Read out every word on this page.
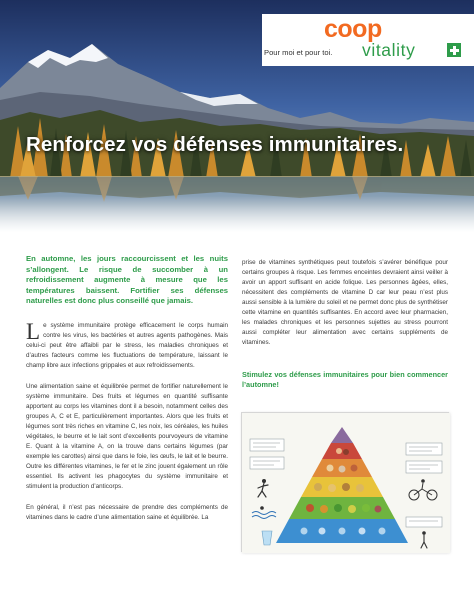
Renforcez vos défenses immunitaires.
coop
Pour moi et pour toi. vitality

En automne, les jours raccourcissent et les nuits s’allongent. Le risque de succomber à un refroidissement augmente à mesure que les températures baissent. Fortifier ses défenses naturelles est donc plus conseillé que jamais.

Le système immunitaire protège efficacement le corps humain contre les virus, les bactéries et autres agents pathogènes. Mais celui-ci peut être affaibli par le stress, les maladies chroniques et d’autres facteurs comme les fluctuations de température, laissant le champ libre aux infections grippales et aux refroidissements.

Une alimentation saine et équilibrée permet de fortifier naturellement le système immunitaire. Des fruits et légumes en quantité suffisante apportent au corps les vitamines dont il a besoin, notamment celles des groupes A, C et E, particulièrement importantes. Alors que les fruits et légumes sont très riches en vitamine C, les noix, les céréales, les huiles végétales, le beurre et le lait sont d’excellents pourvoyeurs de vitamine E. Quant à la vitamine A, on la trouve dans certains légumes (par exemple les carottes) ainsi que dans le foie, les œufs, le lait et le beurre. Outre les différentes vitamines, le fer et le zinc jouent également un rôle essentiel. Ils activent les phagocytes du système immunitaire et stimulent la production d’anticorps.

En général, il n’est pas nécessaire de prendre des compléments de vitamines dans le cadre d’une alimentation saine et équilibrée. La

prise de vitamines synthétiques peut toutefois s’avérer bénéfique pour certains groupes à risque. Les femmes enceintes devraient ainsi veiller à avoir un apport suffisant en acide folique. Les personnes âgées, elles, nécessitent des compléments de vitamine D car leur peau n’est plus aussi sensible à la lumière du soleil et ne permet donc plus de synthétiser cette vitamine en quantités suffisantes. En accord avec leur pharmacien, les malades chroniques et les personnes sujettes au stress pourront aussi compléter leur alimentation avec certains suppléments de vitamines.

Stimulez vos défenses immunitaires pour bien commencer l’automne!
